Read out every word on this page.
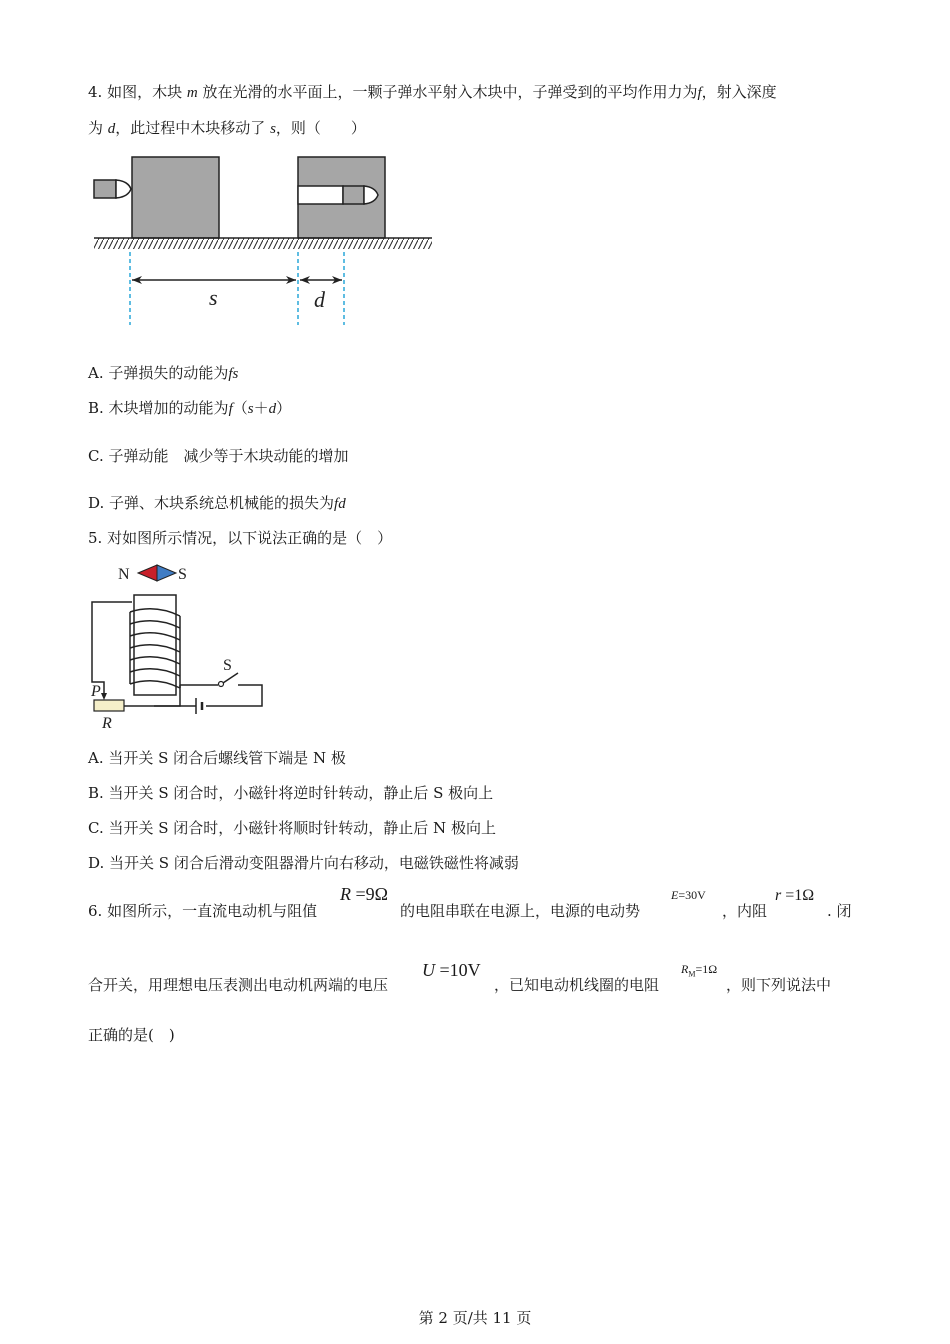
4. 如图，木块 m 放在光滑的水平面上，一颗子弹水平射入木块中，子弹受到的平均作用力为f，射入深度
为 d，此过程中木块移动了 s，则（　　）
s	d
A. 子弹损失的动能为fs
B. 木块增加的动能为f（s＋d）
C. 子弹动能　减少等于木块动能的增加
D. 子弹、木块系统总机械能的损失为fd
5. 对如图所示情况，以下说法正确的是（　）
N	S
S
P
R
A. 当开关 S 闭合后螺线管下端是 N 极
B. 当开关 S 闭合时，小磁针将逆时针转动，静止后 S 极向上
C. 当开关 S 闭合时，小磁针将顺时针转动，静止后 N 极向上
D. 当开关 S 闭合后滑动变阻器滑片向右移动，电磁铁磁性将减弱
6. 如图所示，一直流电动机与阻值
R =9Ω
的电阻串联在电源上，电源的电动势
E=30V
，内阻
r =1Ω
. 闭
合开关，用理想电压表测出电动机两端的电压
U =10V
，已知电动机线圈的电阻
$R_M=1\Omega$
，则下列说法中
正确的是(　)
第 2 页/共 11 页
